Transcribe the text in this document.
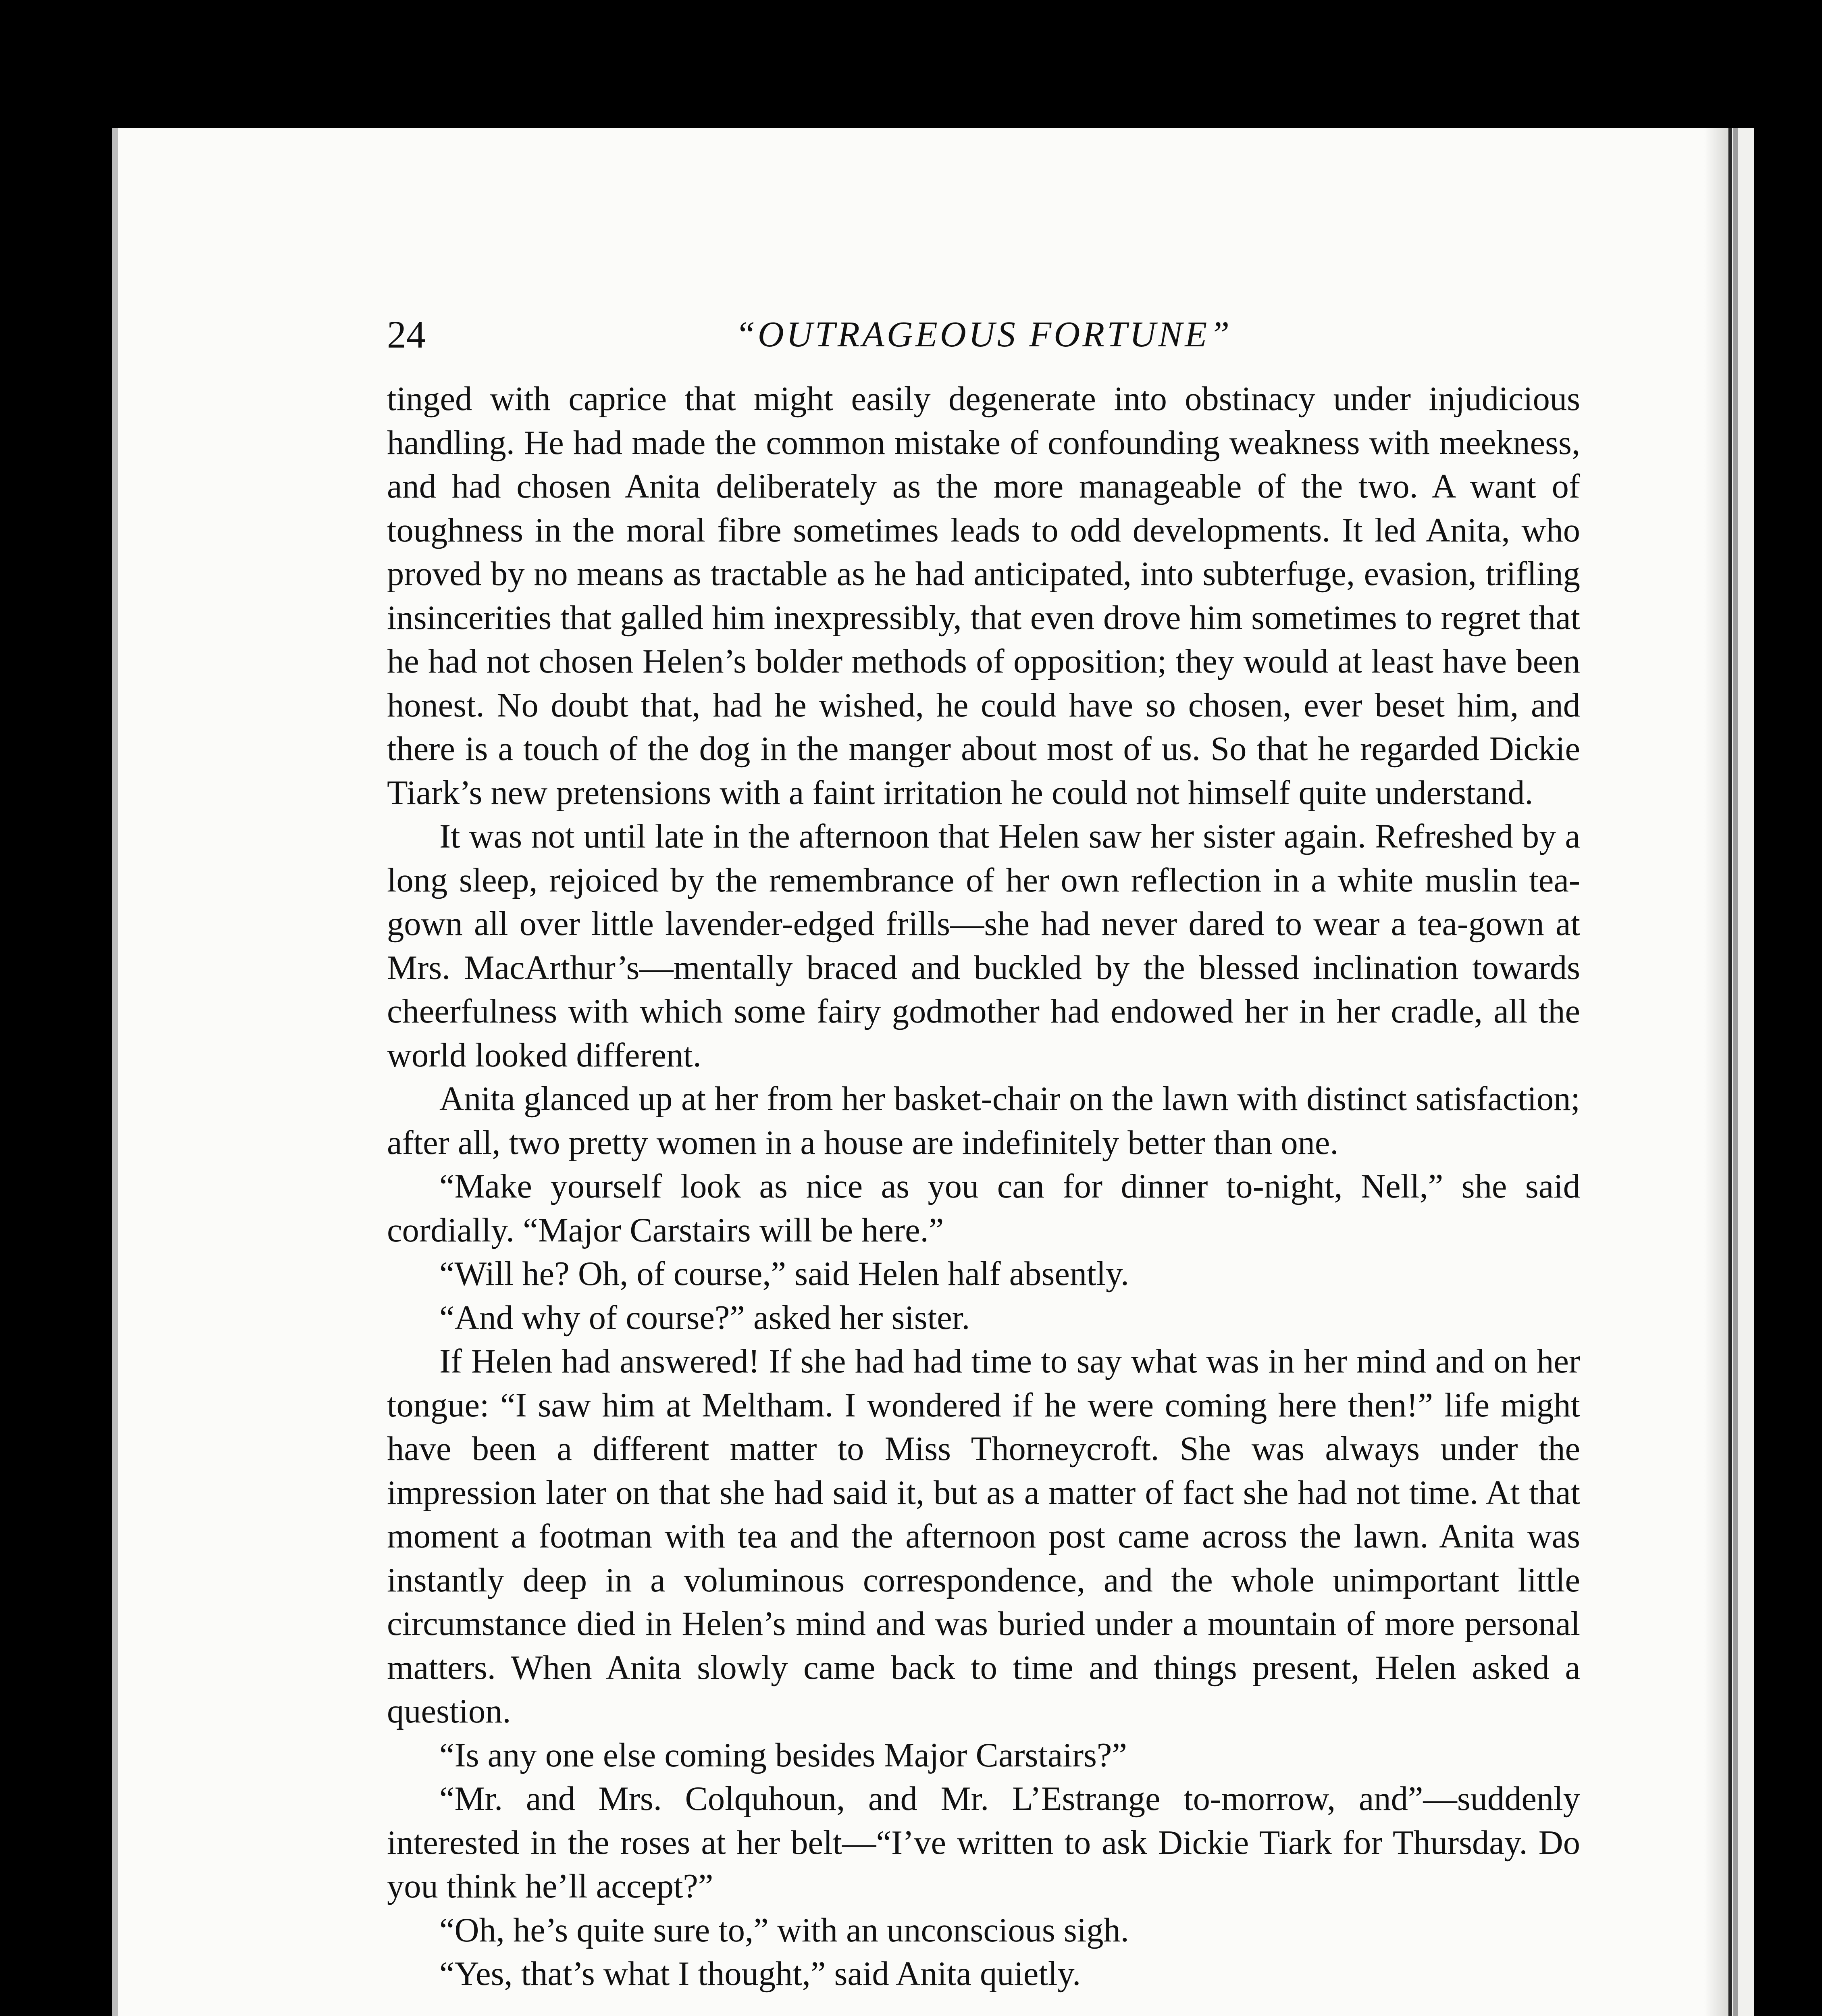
24	“OUTRAGEOUS FORTUNE”

tinged with caprice that might easily degenerate into obstinacy under injudicious handling. He had made the common mistake of confounding weakness with meekness, and had chosen Anita deliberately as the more manageable of the two. A want of toughness in the moral fibre sometimes leads to odd developments. It led Anita, who proved by no means as tractable as he had anticipated, into subterfuge, evasion, trifling insincerities that galled him inexpressibly, that even drove him sometimes to regret that he had not chosen Helen’s bolder methods of opposition; they would at least have been honest. No doubt that, had he wished, he could have so chosen, ever beset him, and there is a touch of the dog in the manger about most of us. So that he regarded Dickie Tiark’s new pretensions with a faint irritation he could not himself quite understand.

It was not until late in the afternoon that Helen saw her sister again. Refreshed by a long sleep, rejoiced by the remembrance of her own reflection in a white muslin tea-gown all over little lavender-edged frills—she had never dared to wear a tea-gown at Mrs. MacArthur’s—mentally braced and buckled by the blessed inclination towards cheerfulness with which some fairy godmother had endowed her in her cradle, all the world looked different.

Anita glanced up at her from her basket-chair on the lawn with distinct satisfaction; after all, two pretty women in a house are indefinitely better than one.

“Make yourself look as nice as you can for dinner to-night, Nell,” she said cordially. “Major Carstairs will be here.”

“Will he? Oh, of course,” said Helen half absently.

“And why of course?” asked her sister.

If Helen had answered! If she had had time to say what was in her mind and on her tongue: “I saw him at Meltham. I wondered if he were coming here then!” life might have been a different matter to Miss Thorneycroft. She was always under the impression later on that she had said it, but as a matter of fact she had not time. At that moment a footman with tea and the afternoon post came across the lawn. Anita was instantly deep in a voluminous correspondence, and the whole unimportant little circumstance died in Helen’s mind and was buried under a mountain of more personal matters. When Anita slowly came back to time and things present, Helen asked a question.

“Is any one else coming besides Major Carstairs?”

“Mr. and Mrs. Colquhoun, and Mr. L’Estrange to-morrow, and”—suddenly interested in the roses at her belt—“I’ve written to ask Dickie Tiark for Thursday. Do you think he’ll accept?”

“Oh, he’s quite sure to,” with an unconscious sigh.

“Yes, that’s what I thought,” said Anita quietly.
